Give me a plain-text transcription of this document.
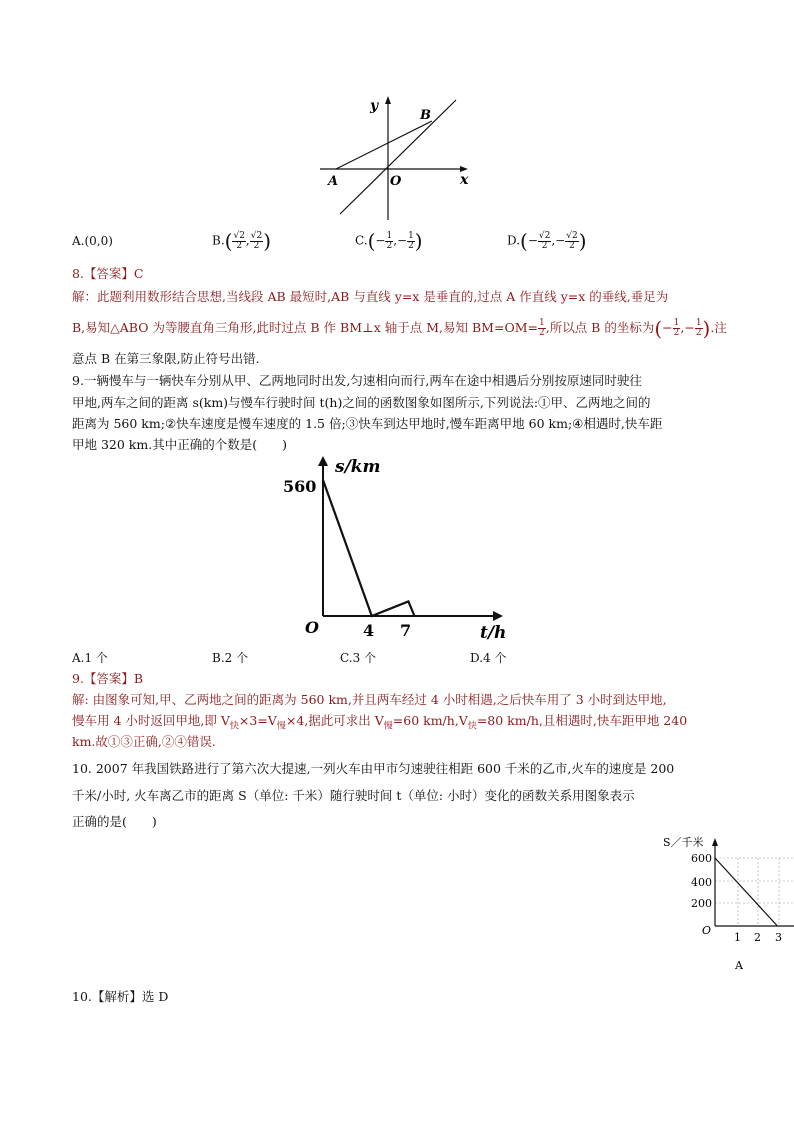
y
x
A	O
B
A.(0,0)	$B.( \frac{√2}{2}$ , $\frac{√2}{2}$ )	$C.(- \frac{1}{2}$ ,− $\frac{1}{2}$ )	$D.(- \frac{√2}{2}$ ,− $\frac{√2}{2}$ )
8.【答案】C
解：此题利用数形结合思想,当线段 AB 最短时,AB 与直线 y=x 是垂直的,过点 A 作直线 y=x 的垂线,垂足为
B,易知△ABO 为等腰直角三角形,此时过点 B 作 BM⊥x 轴于点 M,易知 $BM=OM= \frac{1}{2}$ ,所以点 B 的坐标为(− $\frac{1}{2}$ ,− $\frac{1}{2}$ ).注
意点 B 在第三象限,防止符号出错.
9.一辆慢车与一辆快车分别从甲、乙两地同时出发,匀速相向而行,两车在途中相遇后分别按原速同时驶往
甲地,两车之间的距离 s(km)与慢车行驶时间 t(h)之间的函数图象如图所示,下列说法:①甲、乙两地之间的
距离为 560 km;②快车速度是慢车速度的 1.5 倍;③快车到达甲地时,慢车距离甲地 60 km;④相遇时,快车距
甲地 320 km.其中正确的个数是(　　)
s/km
560
O	4 7	t/h
A.1 个	B.2 个	C.3 个	D.4 个
9.【答案】B
解: 由图象可知,甲、乙两地之间的距离为 560 km,并且两车经过 4 小时相遇,之后快车用了 3 小时到达甲地,
慢车用 4 小时返回甲地,即 $V_快\times 3=V_慢\times 4$,据此可求出 $V_慢=60$ $km/h,V_快=80$ km/h,且相遇时,快车距甲地 240
km.故①③正确,②④错误.
10. 2007 年我国铁路进行了第六次大提速,一列火车由甲市匀速驶往相距 600 千米的乙市,火车的速度是 200
千米/小时, 火车离乙市的距离 S（单位: 千米）随行驶时间 t（单位: 小时）变化的函数关系用图象表示
正确的是(　　)
S／千米
600
400
200
O
1 2 3
A
10.【解析】选 D
